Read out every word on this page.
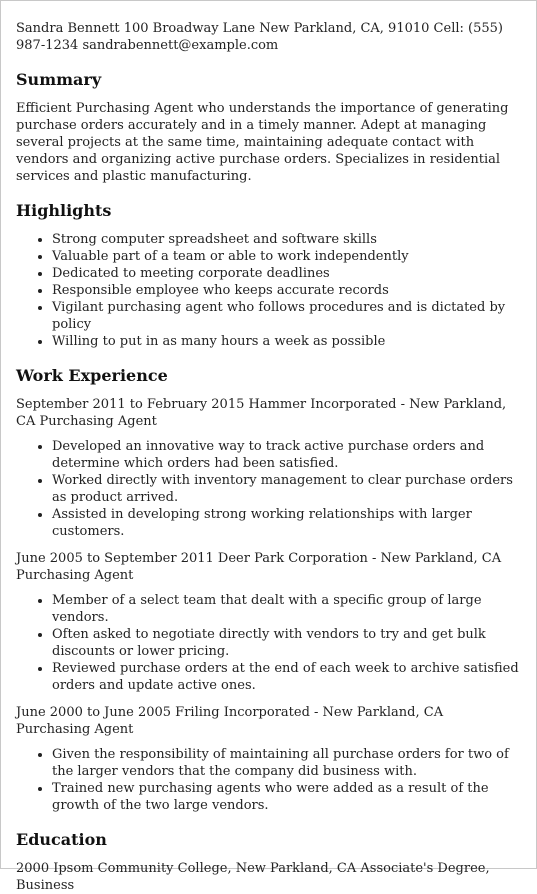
Sandra Bennett 100 Broadway Lane New Parkland, CA, 91010 Cell: (555) 987-1234 sandrabennett@example.com

Summary

Efficient Purchasing Agent who understands the importance of generating purchase orders accurately and in a timely manner. Adept at managing several projects at the same time, maintaining adequate contact with vendors and organizing active purchase orders. Specializes in residential services and plastic manufacturing.

Highlights
• Strong computer spreadsheet and software skills
• Valuable part of a team or able to work independently
• Dedicated to meeting corporate deadlines
• Responsible employee who keeps accurate records
• Vigilant purchasing agent who follows procedures and is dictated by policy
• Willing to put in as many hours a week as possible
Work Experience

September 2011 to February 2015 Hammer Incorporated - New Parkland, CA Purchasing Agent

• Developed an innovative way to track active purchase orders and determine which orders had been satisfied.
• Worked directly with inventory management to clear purchase orders as product arrived.
• Assisted in developing strong working relationships with larger customers.

June 2005 to September 2011 Deer Park Corporation - New Parkland, CA Purchasing Agent

• Member of a select team that dealt with a specific group of large vendors.
• Often asked to negotiate directly with vendors to try and get bulk discounts or lower pricing.
• Reviewed purchase orders at the end of each week to archive satisfied orders and update active ones.

June 2000 to June 2005 Friling Incorporated - New Parkland, CA Purchasing Agent

• Given the responsibility of maintaining all purchase orders for two of the larger vendors that the company did business with.
• Trained new purchasing agents who were added as a result of the growth of the two large vendors.
Education

2000 Ipsom Community College, New Parkland, CA Associate's Degree, Business
